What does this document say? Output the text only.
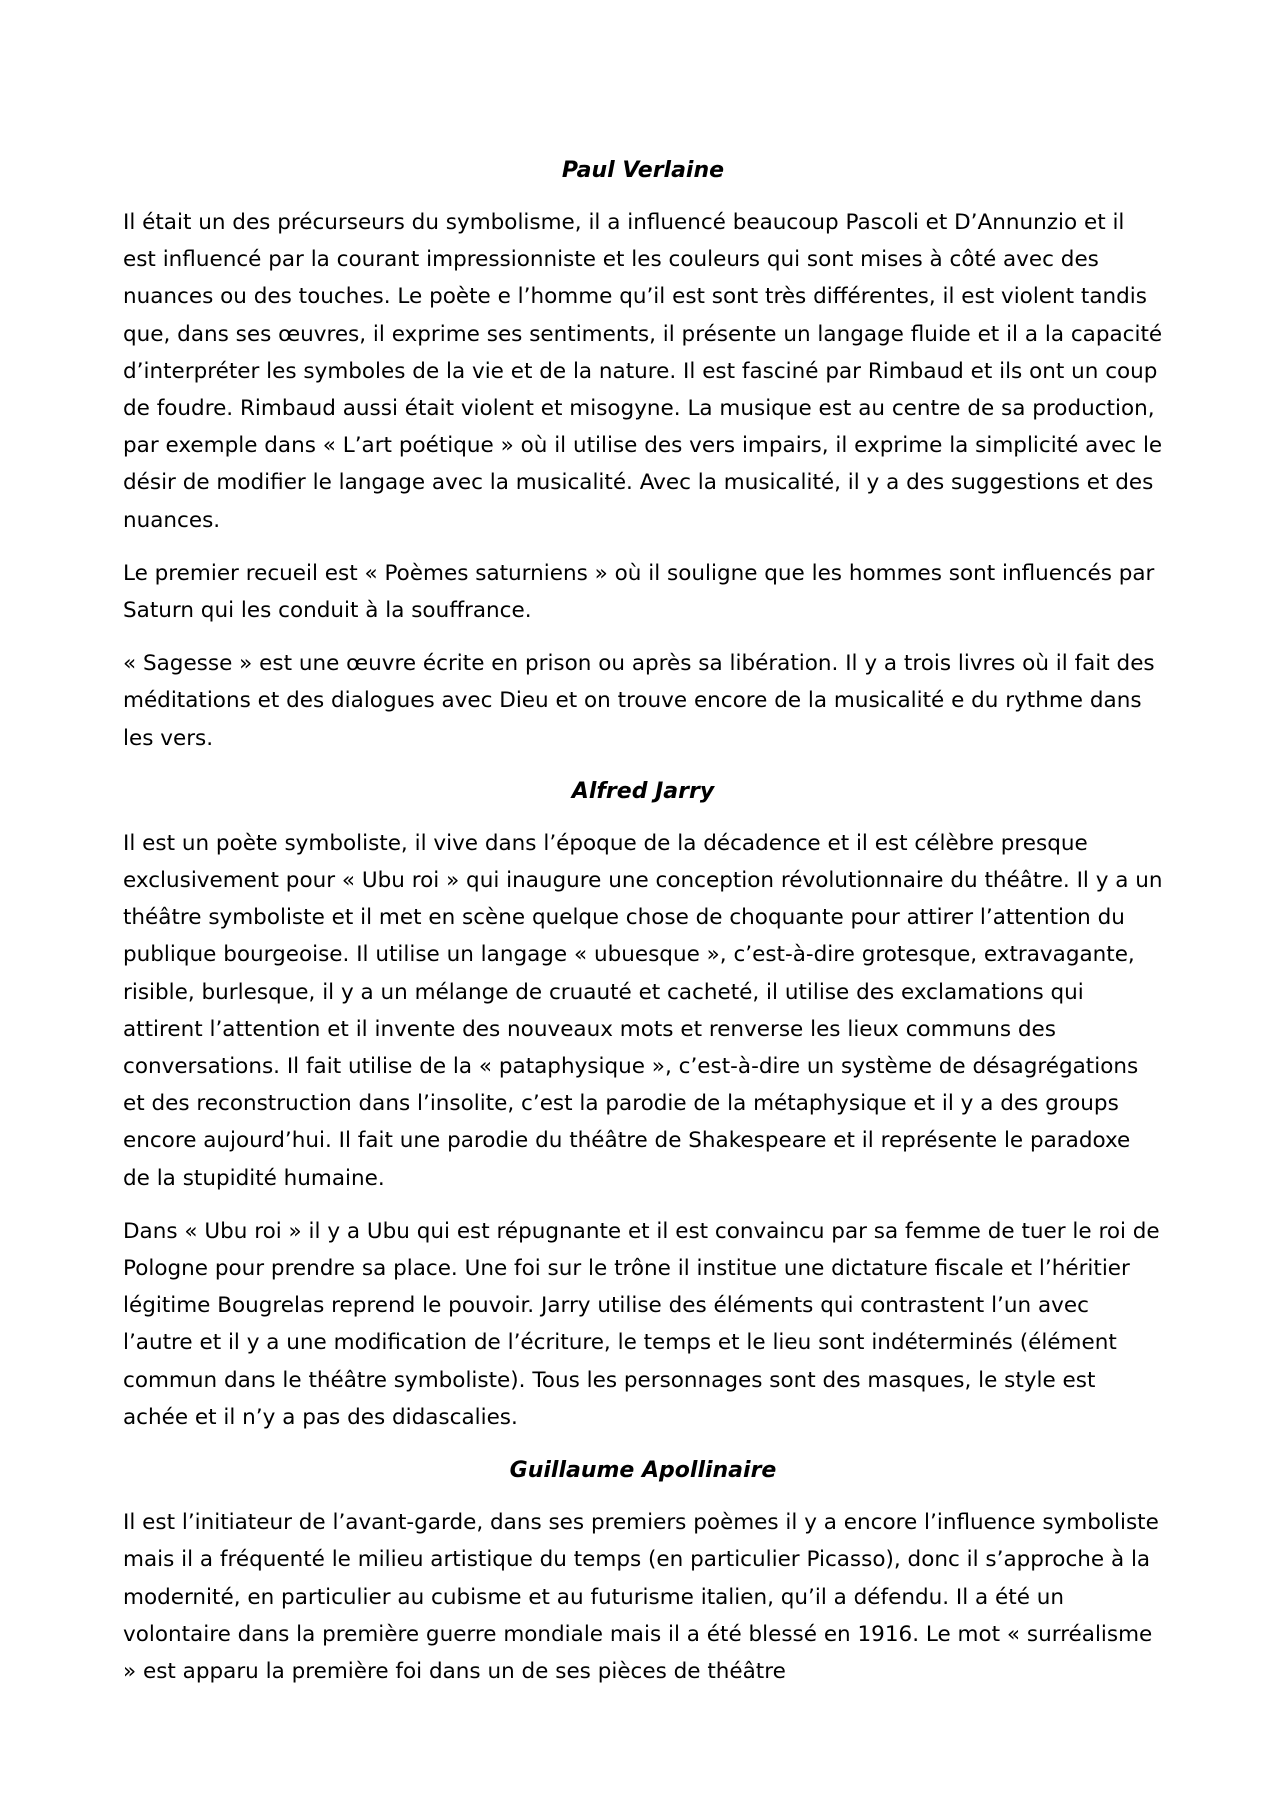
Paul Verlaine

Il était un des précurseurs du symbolisme, il a influencé beaucoup Pascoli et D’Annunzio et il est influencé par la courant impressionniste et les couleurs qui sont mises à côté avec des nuances ou des touches. Le poète e l’homme qu’il est sont très différentes, il est violent tandis que, dans ses œuvres, il exprime ses sentiments, il présente un langage fluide et il a la capacité d’interpréter les symboles de la vie et de la nature. Il est fasciné par Rimbaud et ils ont un coup de foudre. Rimbaud aussi était violent et misogyne. La musique est au centre de sa production, par exemple dans « L’art poétique » où il utilise des vers impairs, il exprime la simplicité avec le désir de modifier le langage avec la musicalité. Avec la musicalité, il y a des suggestions et des nuances.

Le premier recueil est « Poèmes saturniens » où il souligne que les hommes sont influencés par Saturn qui les conduit à la souffrance.

« Sagesse » est une œuvre écrite en prison ou après sa libération. Il y a trois livres où il fait des méditations et des dialogues avec Dieu et on trouve encore de la musicalité e du rythme dans les vers.

Alfred Jarry

Il est un poète symboliste, il vive dans l’époque de la décadence et il est célèbre presque exclusivement pour « Ubu roi » qui inaugure une conception révolutionnaire du théâtre. Il y a un théâtre symboliste et il met en scène quelque chose de choquante pour attirer l’attention du publique bourgeoise. Il utilise un langage « ubuesque », c’est-à-dire grotesque, extravagante, risible, burlesque, il y a un mélange de cruauté et cacheté, il utilise des exclamations qui attirent l’attention et il invente des nouveaux mots et renverse les lieux communs des conversations. Il fait utilise de la « pataphysique », c’est-à-dire un système de désagrégations et des reconstruction dans l’insolite, c’est la parodie de la métaphysique et il y a des groups encore aujourd’hui. Il fait une parodie du théâtre de Shakespeare et il représente le paradoxe de la stupidité humaine.

Dans « Ubu roi » il y a Ubu qui est répugnante et il est convaincu par sa femme de tuer le roi de Pologne pour prendre sa place. Une foi sur le trône il institue une dictature fiscale et l’héritier légitime Bougrelas reprend le pouvoir. Jarry utilise des éléments qui contrastent l’un avec l’autre et il y a une modification de l’écriture, le temps et le lieu sont indéterminés (élément commun dans le théâtre symboliste). Tous les personnages sont des masques, le style est achée et il n’y a pas des didascalies.

Guillaume Apollinaire

Il est l’initiateur de l’avant-garde, dans ses premiers poèmes il y a encore l’influence symboliste mais il a fréquenté le milieu artistique du temps (en particulier Picasso), donc il s’approche à la modernité, en particulier au cubisme et au futurisme italien, qu’il a défendu. Il a été un volontaire dans la première guerre mondiale mais il a été blessé en 1916. Le mot « surréalisme » est apparu la première foi dans un de ses pièces de théâtre
